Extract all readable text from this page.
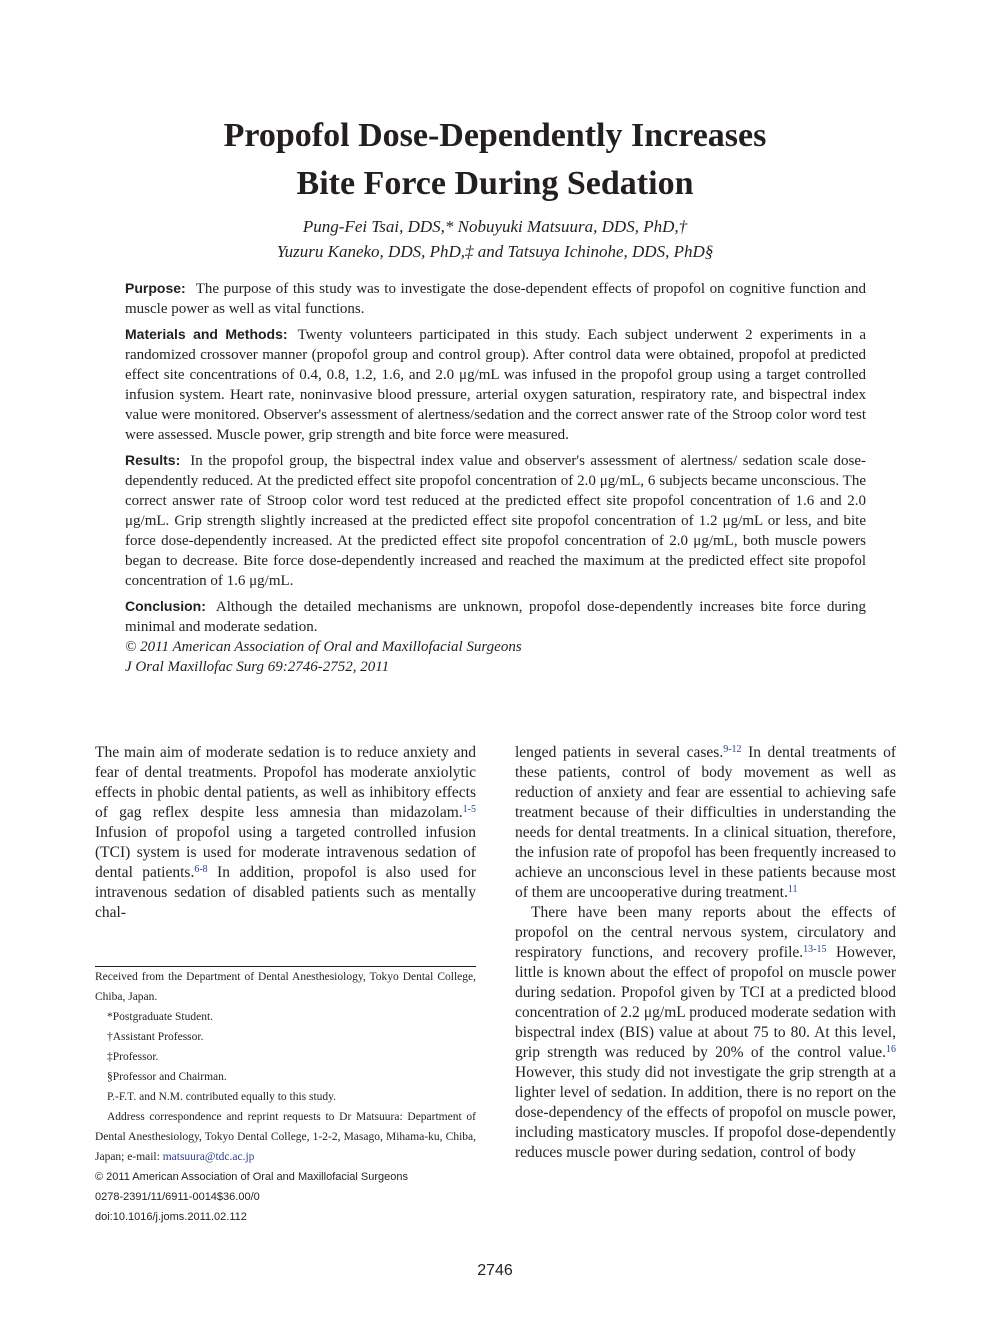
Propofol Dose-Dependently Increases
Bite Force During Sedation
Pung-Fei Tsai, DDS,* Nobuyuki Matsuura, DDS, PhD,†
Yuzuru Kaneko, DDS, PhD,‡ and Tatsuya Ichinohe, DDS, PhD§

Purpose: The purpose of this study was to investigate the dose-dependent effects of propofol on cognitive function and muscle power as well as vital functions.

Materials and Methods: Twenty volunteers participated in this study. Each subject underwent 2 experiments in a randomized crossover manner (propofol group and control group). After control data were obtained, propofol at predicted effect site concentrations of 0.4, 0.8, 1.2, 1.6, and 2.0 μg/mL was infused in the propofol group using a target controlled infusion system. Heart rate, noninvasive blood pressure, arterial oxygen saturation, respiratory rate, and bispectral index value were monitored. Observer's assessment of alertness/sedation and the correct answer rate of the Stroop color word test were assessed. Muscle power, grip strength and bite force were measured.

Results: In the propofol group, the bispectral index value and observer's assessment of alertness/ sedation scale dose-dependently reduced. At the predicted effect site propofol concentration of 2.0 μg/mL, 6 subjects became unconscious. The correct answer rate of Stroop color word test reduced at the predicted effect site propofol concentration of 1.6 and 2.0 μg/mL. Grip strength slightly increased at the predicted effect site propofol concentration of 1.2 μg/mL or less, and bite force dose-dependently increased. At the predicted effect site propofol concentration of 2.0 μg/mL, both muscle powers began to decrease. Bite force dose-dependently increased and reached the maximum at the predicted effect site propofol concentration of 1.6 μg/mL.

Conclusion: Although the detailed mechanisms are unknown, propofol dose-dependently increases bite force during minimal and moderate sedation.

© 2011 American Association of Oral and Maxillofacial Surgeons

J Oral Maxillofac Surg 69:2746-2752, 2011

The main aim of moderate sedation is to reduce anxiety and fear of dental treatments. Propofol has moderate anxiolytic effects in phobic dental patients, as well as inhibitory effects of gag reflex despite less amnesia than midazolam.$^{1-5}$ Infusion of propofol using a targeted controlled infusion (TCI) system is used for moderate intravenous sedation of dental patients.$^{6-8}$ In addition, propofol is also used for intravenous sedation of disabled patients such as mentally chal-

Received from the Department of Dental Anesthesiology, Tokyo Dental College, Chiba, Japan.

*Postgraduate Student.

†Assistant Professor.

‡Professor.

§Professor and Chairman.

P.-F.T. and N.M. contributed equally to this study.

Address correspondence and reprint requests to Dr Matsuura: Department of Dental Anesthesiology, Tokyo Dental College, 1-2-2, Masago, Mihama-ku, Chiba, Japan; e-mail: matsuura@tdc.ac.jp

© 2011 American Association of Oral and Maxillofacial Surgeons

0278-2391/11/6911-0014$36.00/0

doi:10.1016/j.joms.2011.02.112

lenged patients in several cases.$^{9-12}$ In dental treatments of these patients, control of body movement as well as reduction of anxiety and fear are essential to achieving safe treatment because of their difficulties in understanding the needs for dental treatments. In a clinical situation, therefore, the infusion rate of propofol has been frequently increased to achieve an unconscious level in these patients because most of them are uncooperative during treatment.$^{11}$

There have been many reports about the effects of propofol on the central nervous system, circulatory and respiratory functions, and recovery profile.$^{13-15}$ However, little is known about the effect of propofol on muscle power during sedation. Propofol given by TCI at a predicted blood concentration of 2.2 μg/mL produced moderate sedation with bispectral index (BIS) value at about 75 to 80. At this level, grip strength was reduced by 20% of the control value.$^{16}$ However, this study did not investigate the grip strength at a lighter level of sedation. In addition, there is no report on the dose-dependency of the effects of propofol on muscle power, including masticatory muscles. If propofol dose-dependently reduces muscle power during sedation, control of body

2746
